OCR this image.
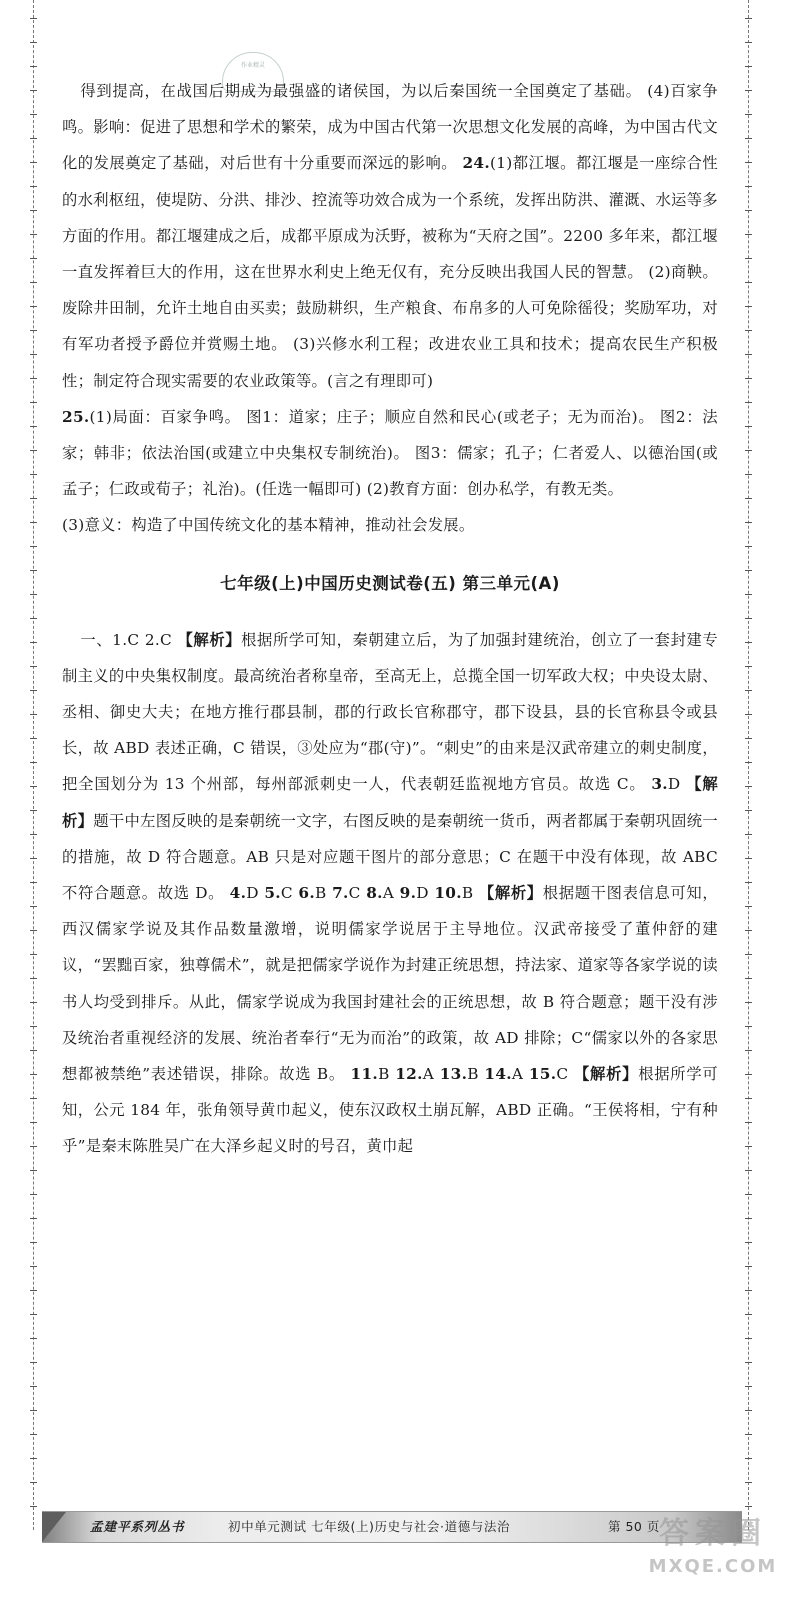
作业精灵

得到提高，在战国后期成为最强盛的诸侯国，为以后秦国统一全国奠定了基础。 (4)百家争鸣。影响：促进了思想和学术的繁荣，成为中国古代第一次思想文化发展的高峰，为中国古代文化的发展奠定了基础，对后世有十分重要而深远的影响。 24.(1)都江堰。都江堰是一座综合性的水利枢纽，使堤防、分洪、排沙、控流等功效合成为一个系统，发挥出防洪、灌溉、水运等多方面的作用。都江堰建成之后，成都平原成为沃野，被称为“天府之国”。2200 多年来，都江堰一直发挥着巨大的作用，这在世界水利史上绝无仅有，充分反映出我国人民的智慧。 (2)商鞅。废除井田制，允许土地自由买卖；鼓励耕织，生产粮食、布帛多的人可免除徭役；奖励军功，对有军功者授予爵位并赏赐土地。 (3)兴修水利工程；改进农业工具和技术；提高农民生产积极性；制定符合现实需要的农业政策等。(言之有理即可)

25.(1)局面：百家争鸣。 图1：道家；庄子；顺应自然和民心(或老子；无为而治)。 图2：法家；韩非；依法治国(或建立中央集权专制统治)。 图3：儒家；孔子；仁者爱人、以德治国(或孟子；仁政或荀子；礼治)。(任选一幅即可) (2)教育方面：创办私学，有教无类。

(3)意义：构造了中国传统文化的基本精神，推动社会发展。

七年级(上)中国历史测试卷(五) 第三单元(A)

一、1.C 2.C 【解析】根据所学可知，秦朝建立后，为了加强封建统治，创立了一套封建专制主义的中央集权制度。最高统治者称皇帝，至高无上，总揽全国一切军政大权；中央设太尉、丞相、御史大夫；在地方推行郡县制，郡的行政长官称郡守，郡下设县，县的长官称县令或县长，故 ABD 表述正确，C 错误，③处应为“郡(守)”。“刺史”的由来是汉武帝建立的刺史制度，把全国划分为 13 个州部，每州部派刺史一人，代表朝廷监视地方官员。故选 C。 3.D 【解析】题干中左图反映的是秦朝统一文字，右图反映的是秦朝统一货币，两者都属于秦朝巩固统一的措施，故 D 符合题意。AB 只是对应题干图片的部分意思；C 在题干中没有体现，故 ABC 不符合题意。故选 D。 4.D 5.C 6.B 7.C 8.A 9.D 10.B 【解析】根据题干图表信息可知，西汉儒家学说及其作品数量激增，说明儒家学说居于主导地位。汉武帝接受了董仲舒的建议，“罢黜百家，独尊儒术”，就是把儒家学说作为封建正统思想，持法家、道家等各家学说的读书人均受到排斥。从此，儒家学说成为我国封建社会的正统思想，故 B 符合题意；题干没有涉及统治者重视经济的发展、统治者奉行“无为而治”的政策，故 AD 排除；C“儒家以外的各家思想都被禁绝”表述错误，排除。故选 B。 11.B 12.A 13.B 14.A 15.C 【解析】根据所学可知，公元 184 年，张角领导黄巾起义，使东汉政权土崩瓦解，ABD 正确。“王侯将相，宁有种乎”是秦末陈胜吴广在大泽乡起义时的号召，黄巾起

孟建平系列丛书	初中单元测试 七年级(上)历史与社会·道德与法治	第 50 页 答案圈
MXQE.COM
